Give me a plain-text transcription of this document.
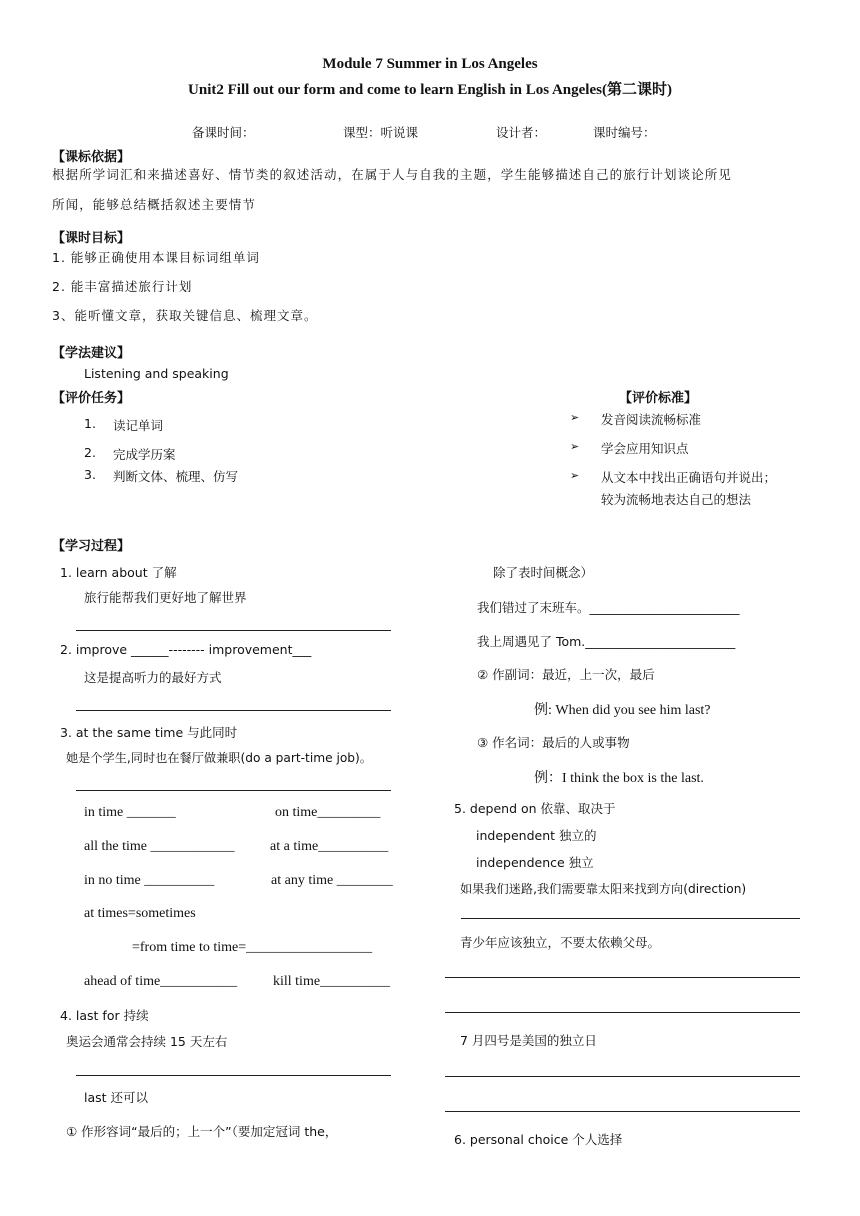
Module 7 Summer in Los Angeles
Unit2 Fill out our form and come to learn English in Los Angeles(第二课时)
备课时间：	课型：听说课	设计者：	课时编号：
【课标依据】
根据所学词汇和来描述喜好、情节类的叙述活动，在属于人与自我的主题，学生能够描述自己的旅行计划谈论所见
所闻，能够总结概括叙述主要情节
【课时目标】
1. 能够正确使用本课目标词组单词
2. 能丰富描述旅行计划
3、能听懂文章，获取关键信息、梳理文章。
【学法建议】
Listening and speaking
【评价任务】
1. 读记单词
2. 完成学历案
3. 判断文体、梳理、仿写
【评价标准】
➢ 发音阅读流畅标准
➢ 学会应用知识点
➢ 从文本中找出正确语句并说出；
较为流畅地表达自己的想法
【学习过程】
1. learn about 了解
旅行能帮我们更好地了解世界
2. improve ______-------- improvement___
这是提高听力的最好方式
3. at the same time 与此同时
她是个学生,同时也在餐厅做兼职(do a part-time job)。
in time _______	on time_________
all the time ____________	at a time__________
in no time __________	at any time ________
at times=sometimes
=from time to time=__________________
ahead of time___________	kill time__________
4. last for 持续
奥运会通常会持续 15 天左右
last 还可以
① 作形容词“最后的；上一个”（要加定冠词 the，
除了表时间概念）
我们错过了末班车。________________________
我上周遇见了 Tom.________________________
② 作副词：最近，上一次，最后
例: When did you see him last?
③ 作名词：最后的人或事物
例：I think the box is the last.
5. depend on 依靠、取决于
independent 独立的
independence 独立
如果我们迷路,我们需要靠太阳来找到方向(direction)
青少年应该独立，不要太依赖父母。
7 月四号是美国的独立日
6. personal choice 个人选择
